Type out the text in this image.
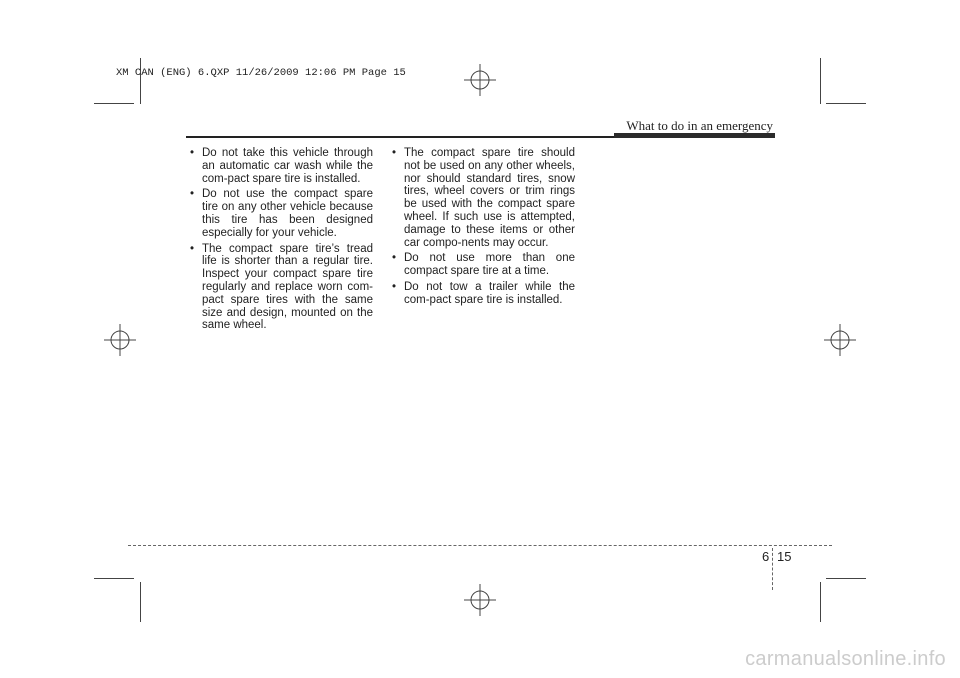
XM CAN (ENG) 6.QXP 11/26/2009 12:06 PM Page 15
What to do in an emergency
• Do not take this vehicle through an automatic car wash while the com-pact spare tire is installed.
• Do not use the compact spare tire on any other vehicle because this tire has been designed especially for your vehicle.
• The compact spare tire’s tread life is shorter than a regular tire. Inspect your compact spare tire regularly and replace worn com-pact spare tires with the same size and design, mounted on the same wheel.
• The compact spare tire should not be used on any other wheels, nor should standard tires, snow tires, wheel covers or trim rings be used with the compact spare wheel. If such use is attempted, damage to these items or other car compo-nents may occur.
• Do not use more than one compact spare tire at a time.
• Do not tow a trailer while the com-pact spare tire is installed.
6 15
carmanualsonline.info
